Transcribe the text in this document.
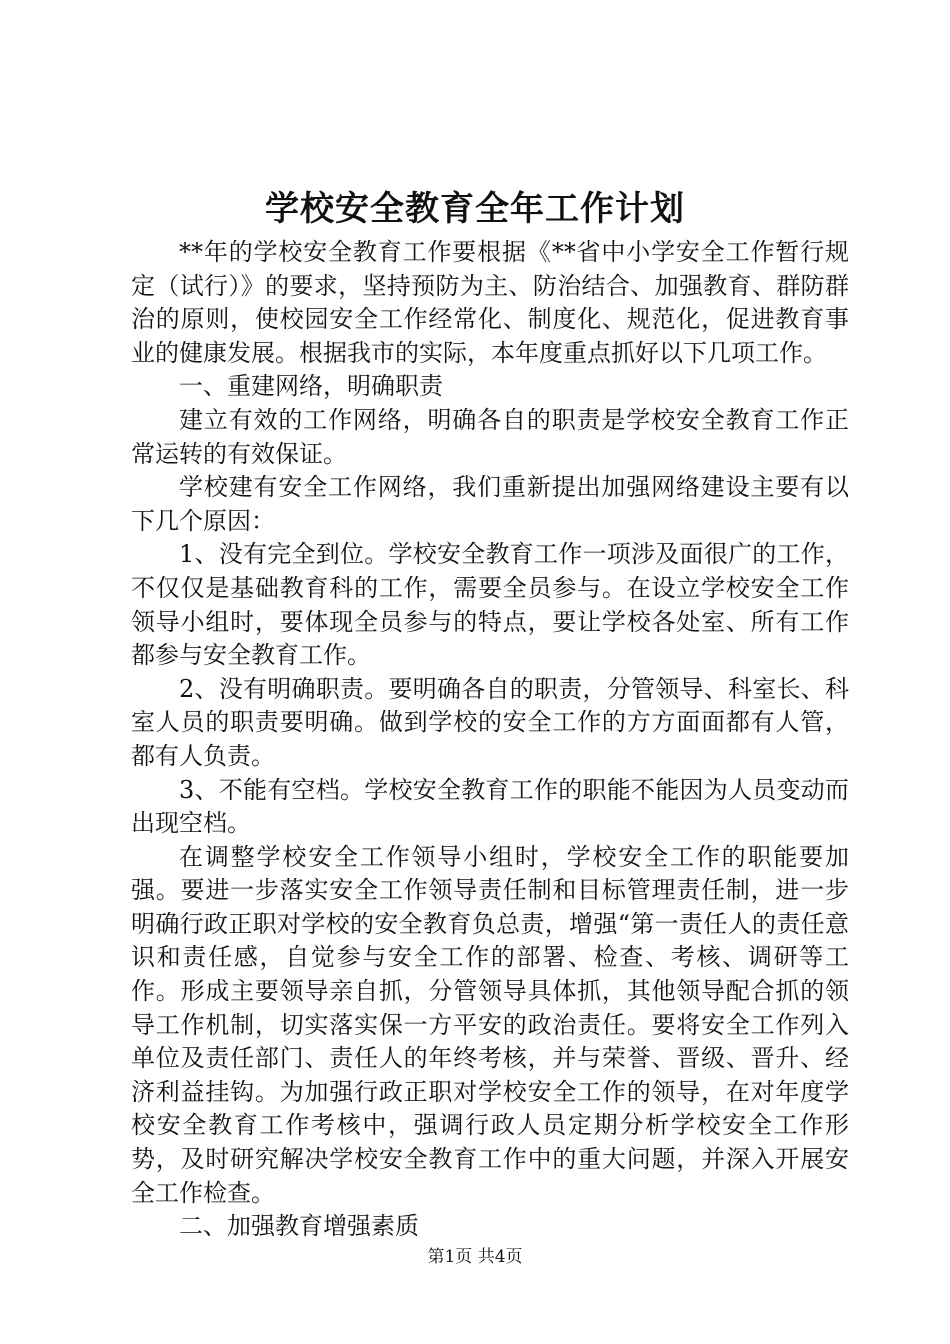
学校安全教育全年工作计划

**年的学校安全教育工作要根据《**省中小学安全工作暂行规定（试行）》的要求，坚持预防为主、防治结合、加强教育、群防群治的原则，使校园安全工作经常化、制度化、规范化，促进教育事业的健康发展。根据我市的实际，本年度重点抓好以下几项工作。

一、重建网络，明确职责

建立有效的工作网络，明确各自的职责是学校安全教育工作正常运转的有效保证。

学校建有安全工作网络，我们重新提出加强网络建设主要有以下几个原因：

1、没有完全到位。学校安全教育工作一项涉及面很广的工作，不仅仅是基础教育科的工作，需要全员参与。在设立学校安全工作领导小组时，要体现全员参与的特点，要让学校各处室、所有工作都参与安全教育工作。

2、没有明确职责。要明确各自的职责，分管领导、科室长、科室人员的职责要明确。做到学校的安全工作的方方面面都有人管，都有人负责。

3、不能有空档。学校安全教育工作的职能不能因为人员变动而出现空档。

在调整学校安全工作领导小组时，学校安全工作的职能要加强。要进一步落实安全工作领导责任制和目标管理责任制，进一步明确行政正职对学校的安全教育负总责，增强“第一责任人的责任意识和责任感，自觉参与安全工作的部署、检查、考核、调研等工作。形成主要领导亲自抓，分管领导具体抓，其他领导配合抓的领导工作机制，切实落实保一方平安的政治责任。要将安全工作列入单位及责任部门、责任人的年终考核，并与荣誉、晋级、晋升、经济利益挂钩。为加强行政正职对学校安全工作的领导，在对年度学校安全教育工作考核中，强调行政人员定期分析学校安全工作形势，及时研究解决学校安全教育工作中的重大问题，并深入开展安全工作检查。

二、加强教育增强素质

第1页 共4页
